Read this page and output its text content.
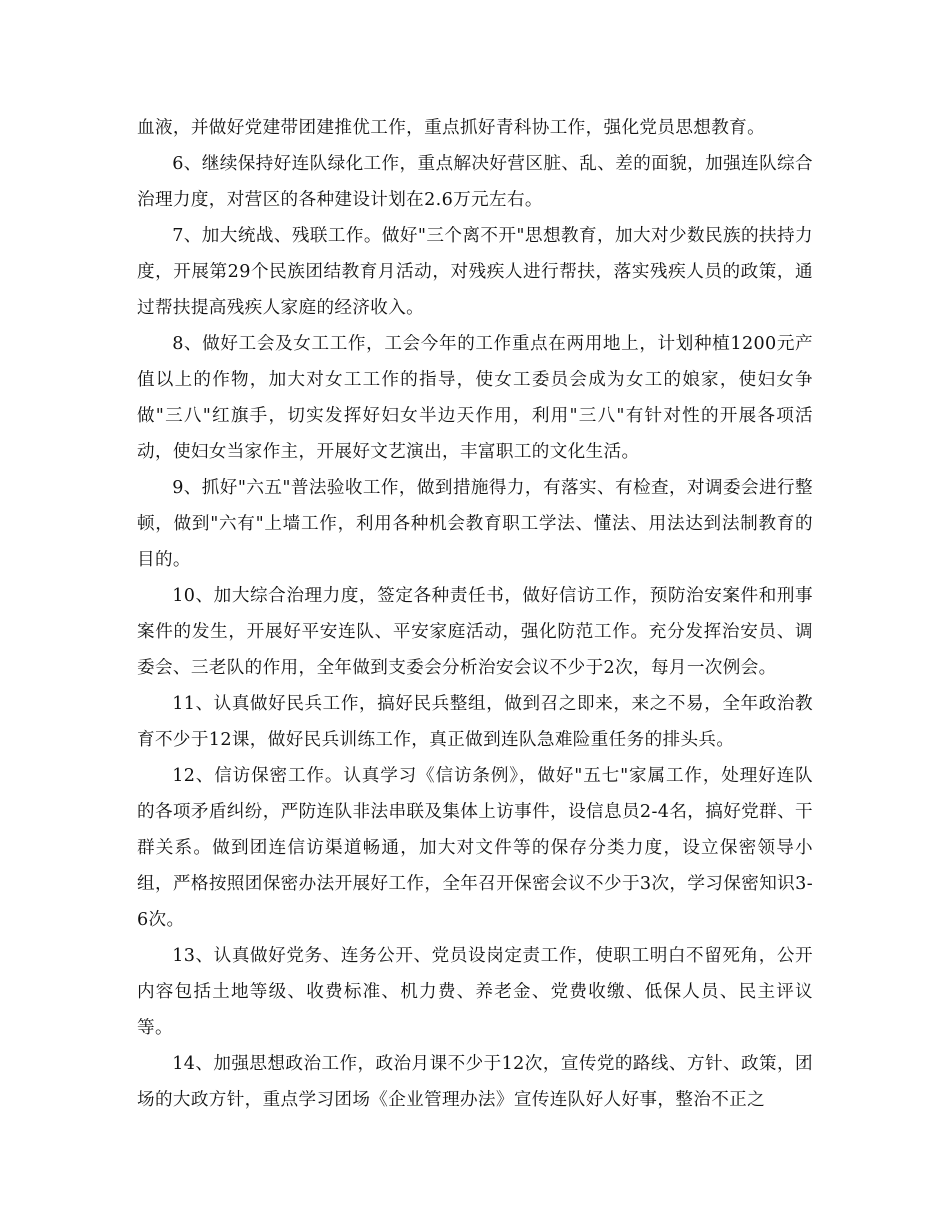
血液，并做好党建带团建推优工作，重点抓好青科协工作，强化党员思想教育。

6、继续保持好连队绿化工作，重点解决好营区脏、乱、差的面貌，加强连队综合治理力度，对营区的各种建设计划在2.6万元左右。

7、加大统战、残联工作。做好"三个离不开"思想教育，加大对少数民族的扶持力度，开展第29个民族团结教育月活动，对残疾人进行帮扶，落实残疾人员的政策，通过帮扶提高残疾人家庭的经济收入。

8、做好工会及女工工作，工会今年的工作重点在两用地上，计划种植1200元产值以上的作物，加大对女工工作的指导，使女工委员会成为女工的娘家，使妇女争做"三八"红旗手，切实发挥好妇女半边天作用，利用"三八"有针对性的开展各项活动，使妇女当家作主，开展好文艺演出，丰富职工的文化生活。

9、抓好"六五"普法验收工作，做到措施得力，有落实、有检查，对调委会进行整顿，做到"六有"上墙工作，利用各种机会教育职工学法、懂法、用法达到法制教育的目的。

10、加大综合治理力度，签定各种责任书，做好信访工作，预防治安案件和刑事案件的发生，开展好平安连队、平安家庭活动，强化防范工作。充分发挥治安员、调委会、三老队的作用，全年做到支委会分析治安会议不少于2次，每月一次例会。

11、认真做好民兵工作，搞好民兵整组，做到召之即来，来之不易，全年政治教育不少于12课，做好民兵训练工作，真正做到连队急难险重任务的排头兵。

12、信访保密工作。认真学习《信访条例》，做好"五七"家属工作，处理好连队的各项矛盾纠纷，严防连队非法串联及集体上访事件，设信息员2-4名，搞好党群、干群关系。做到团连信访渠道畅通，加大对文件等的保存分类力度，设立保密领导小组，严格按照团保密办法开展好工作，全年召开保密会议不少于3次，学习保密知识3-6次。

13、认真做好党务、连务公开、党员设岗定责工作，使职工明白不留死角，公开内容包括土地等级、收费标准、机力费、养老金、党费收缴、低保人员、民主评议等。

14、加强思想政治工作，政治月课不少于12次，宣传党的路线、方针、政策，团场的大政方针，重点学习团场《企业管理办法》宣传连队好人好事，整治不正之
